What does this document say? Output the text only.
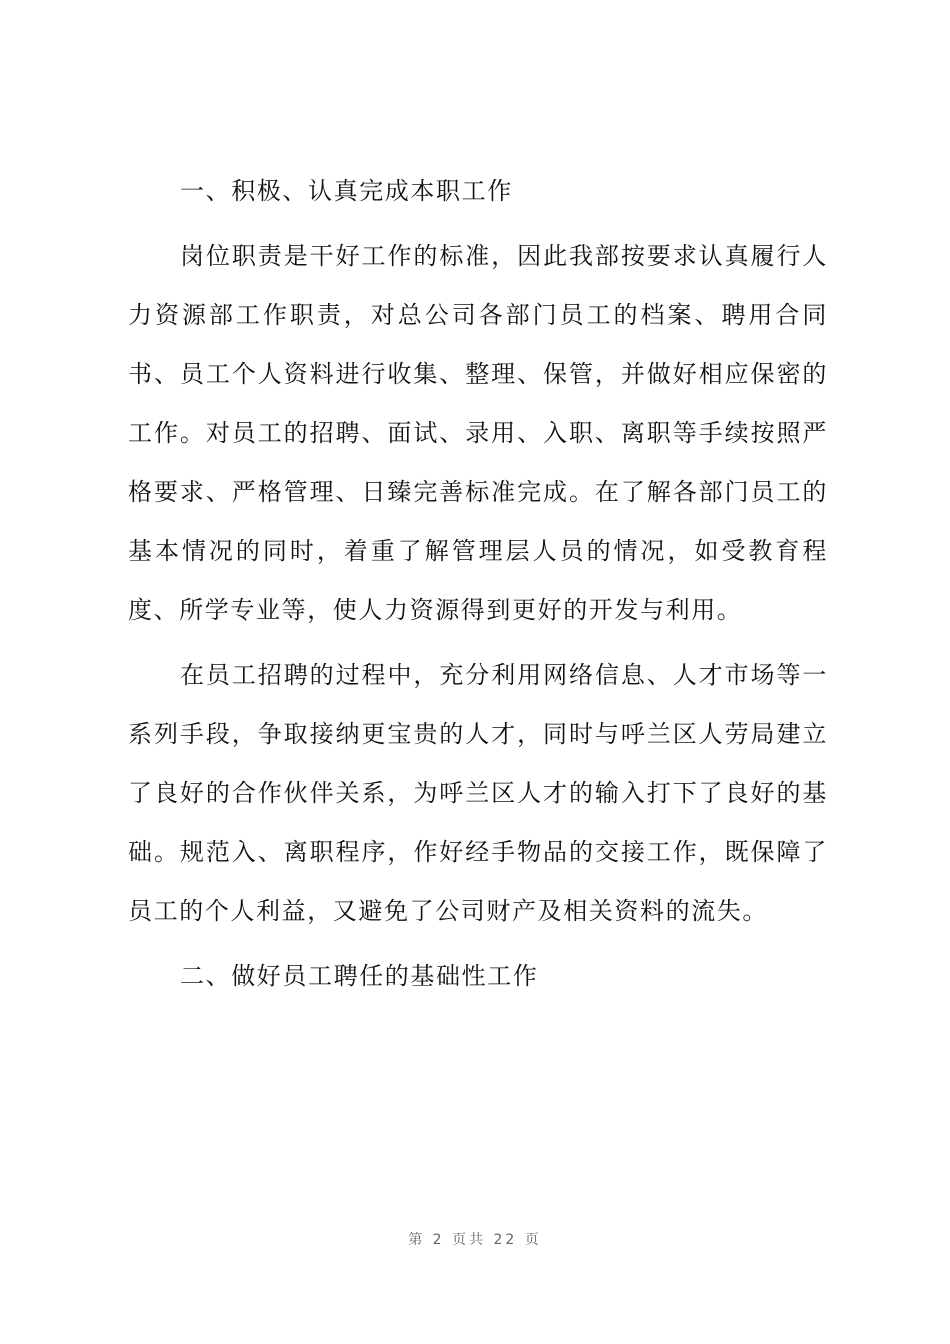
一、积极、认真完成本职工作

岗位职责是干好工作的标准，因此我部按要求认真履行人力资源部工作职责，对总公司各部门员工的档案、聘用合同书、员工个人资料进行收集、整理、保管，并做好相应保密的工作。对员工的招聘、面试、录用、入职、离职等手续按照严格要求、严格管理、日臻完善标准完成。在了解各部门员工的基本情况的同时，着重了解管理层人员的情况，如受教育程度、所学专业等，使人力资源得到更好的开发与利用。

在员工招聘的过程中，充分利用网络信息、人才市场等一系列手段，争取接纳更宝贵的人才，同时与呼兰区人劳局建立了良好的合作伙伴关系，为呼兰区人才的输入打下了良好的基础。规范入、离职程序，作好经手物品的交接工作，既保障了员工的个人利益，又避免了公司财产及相关资料的流失。

二、做好员工聘任的基础性工作

第 2 页共 22 页
